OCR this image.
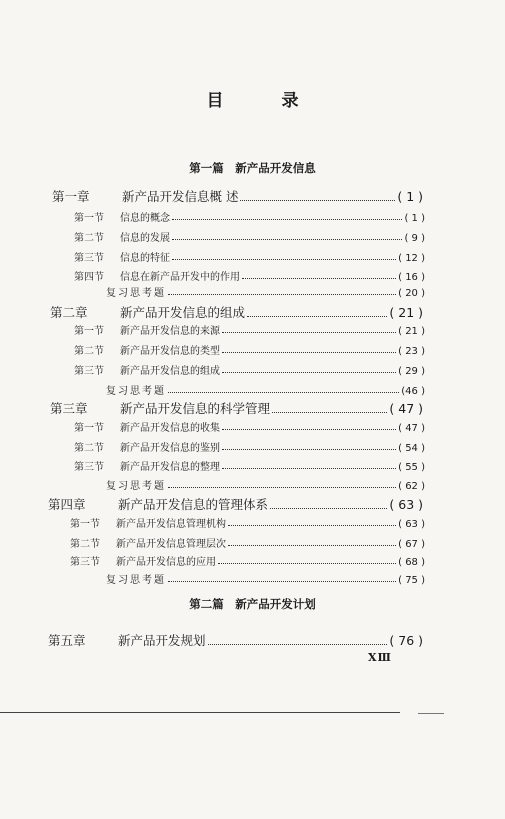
目 录
第一篇　新产品开发信息
第一章	新产品开发信息概 述	( 1 )
第一节 信息的概念	( 1 )
第二节 信息的发展	( 9 )
第三节 信息的特征	( 12 )
第四节 信息在新产品开发中的作用	( 16 )
复习思考题	( 20 )
第二章	新产品开发信息的组成	( 21 )
第一节 新产品开发信息的来源	( 21 )
第二节 新产品开发信息的类型	( 23 )
第三节 新产品开发信息的组成	( 29 )
复习思考题	(46 )
第三章	新产品开发信息的科学管理	( 47 )
第一节 新产品开发信息的收集	( 47 )
第二节 新产品开发信息的鉴别	( 54 )
第三节 新产品开发信息的整理	( 55 )
复习思考题	( 62 )
第四章	新产品开发信息的管理体系	( 63 )
第一节 新产品开发信息管理机构	( 63 )
第二节 新产品开发信息管理层次	( 67 )
第三节 新产品开发信息的应用	( 68 )
复习思考题	( 75 )
第五章	新产品开发规划	( 76 )
第二篇　新产品开发计划
XⅢ
